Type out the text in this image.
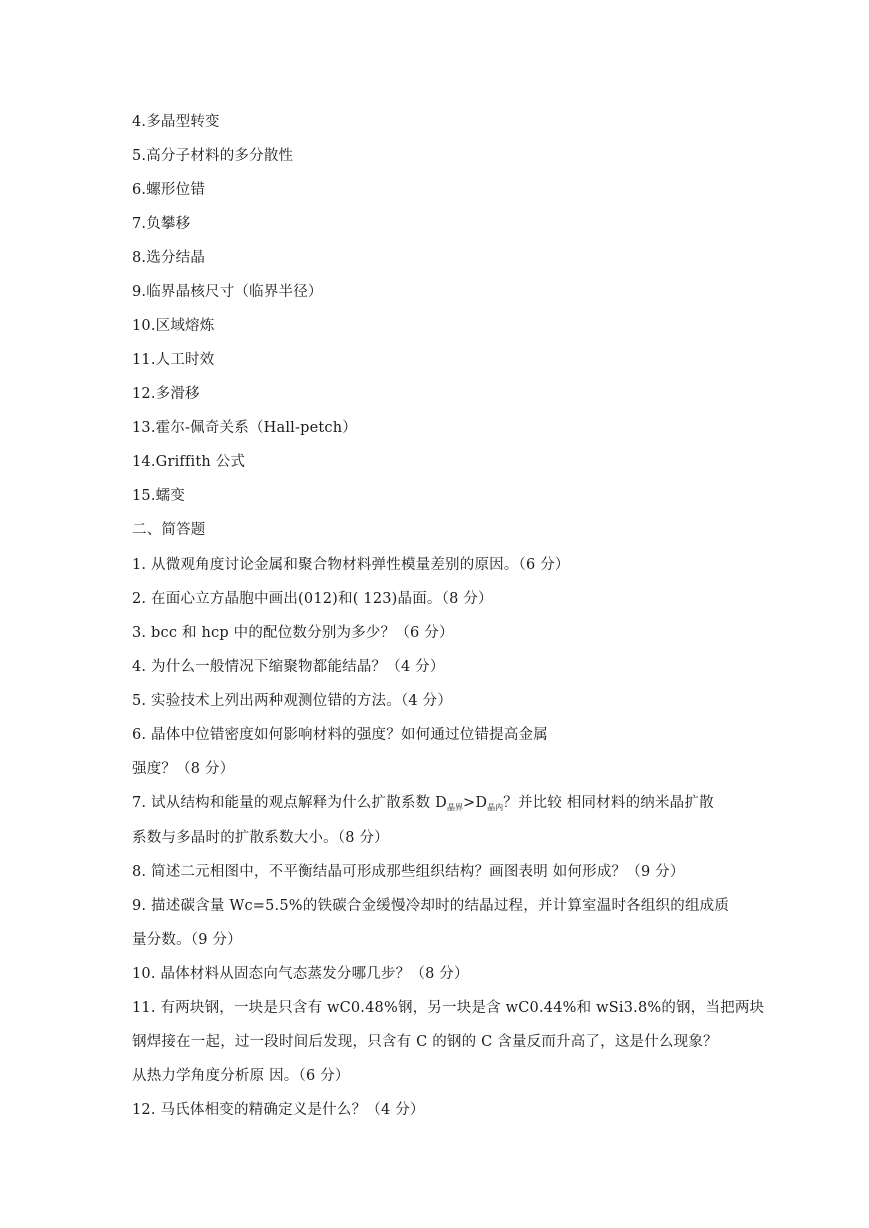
4.多晶型转变
5.高分子材料的多分散性
6.螺形位错
7.负攀移
8.选分结晶
9.临界晶核尺寸（临界半径）
10.区域熔炼
11.人工时效
12.多滑移
13.霍尔-佩奇关系（Hall-petch）
14.Griffith 公式
15.蠕变
二、简答题
1. 从微观角度讨论金属和聚合物材料弹性模量差别的原因。（6 分）
2. 在面心立方晶胞中画出(012)和( 123)晶面。（8 分）
3. bcc 和 hcp 中的配位数分别为多少？（6 分）
4. 为什么一般情况下缩聚物都能结晶？（4 分）
5. 实验技术上列出两种观测位错的方法。（4 分）
6. 晶体中位错密度如何影响材料的强度？如何通过位错提高金属
强度？（8 分）
7. 试从结构和能量的观点解释为什么扩散系数 $D_{晶界}>D_{晶内}$？并比较 相同材料的纳米晶扩散
系数与多晶时的扩散系数大小。（8 分）
8. 简述二元相图中，不平衡结晶可形成那些组织结构？画图表明 如何形成？（9 分）
9. 描述碳含量 Wc=5.5%的铁碳合金缓慢冷却时的结晶过程，并计算室温时各组织的组成质
量分数。（9 分）
10. 晶体材料从固态向气态蒸发分哪几步？（8 分）
11. 有两块钢，一块是只含有 wC0.48%钢，另一块是含 wC0.44%和 wSi3.8%的钢，当把两块
钢焊接在一起，过一段时间后发现，只含有 C 的钢的 C 含量反而升高了，这是什么现象？
从热力学角度分析原 因。（6 分）
12. 马氏体相变的精确定义是什么？（4 分）
